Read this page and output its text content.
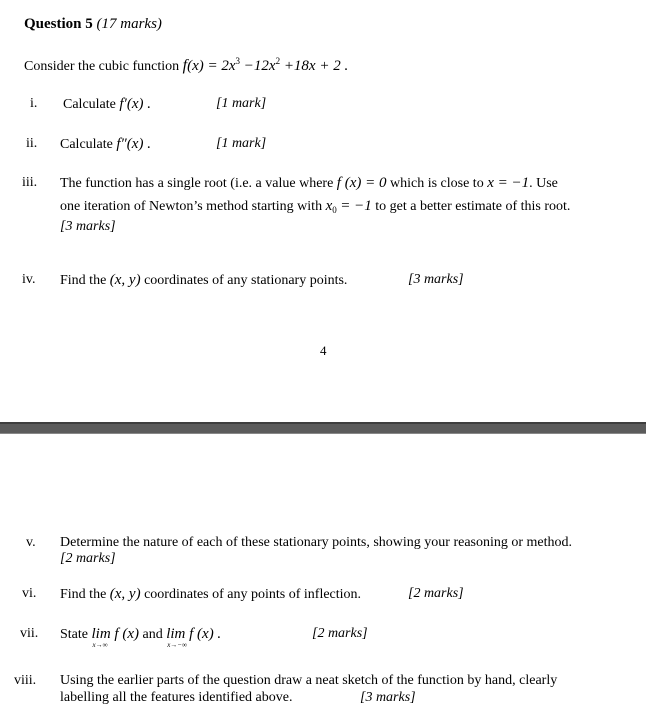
Question 5 (17 marks)
Consider the cubic function $f(x) = 2x^3 -12x^2 +18x + 2$ .
i. Calculate f′(x) .	[1 mark]
ii. Calculate f″(x) .	[1 mark]
iii. The function has a single root (i.e. a value where f (x) = 0 which is close to x = −1. Use
one iteration of Newton’s method starting with $x_0 = -1$ to get a better estimate of this root.
[3 marks]
iv. Find the (x, y) coordinates of any stationary points.	[3 marks]
4
v. Determine the nature of each of these stationary points, showing your reasoning or method.
[2 marks]
vi. Find the (x, y) coordinates of any points of inflection.	[2 marks]
vii. State lim f (x)
x→∞
and lim f (x) .
x→−∞
[2 marks]
viii. Using the earlier parts of the question draw a neat sketch of the function by hand, clearly
labelling all the features identified above.	[3 marks]
